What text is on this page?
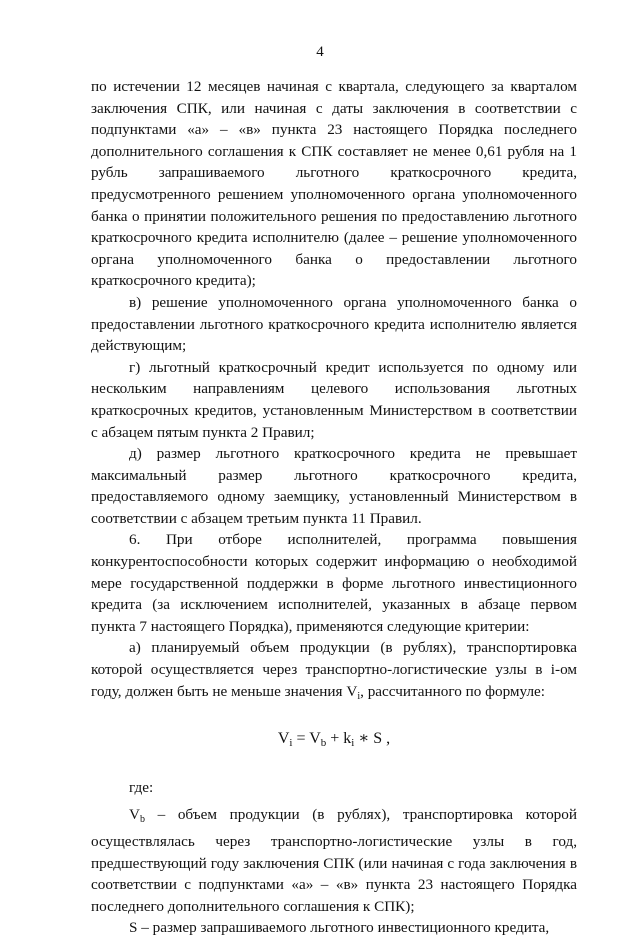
4

по истечении 12 месяцев начиная с квартала, следующего за кварталом заключения СПК, или начиная с даты заключения в соответствии с подпунктами «а» – «в» пункта 23 настоящего Порядка последнего дополнительного соглашения к СПК составляет не менее 0,61 рубля на 1 рубль запрашиваемого льготного краткосрочного кредита, предусмотренного решением уполномоченного органа уполномоченного банка о принятии положительного решения по предоставлению льготного краткосрочного кредита исполнителю (далее – решение уполномоченного органа уполномоченного банка о предоставлении льготного краткосрочного кредита);

в) решение уполномоченного органа уполномоченного банка о предоставлении льготного краткосрочного кредита исполнителю является действующим;

г) льготный краткосрочный кредит используется по одному или нескольким направлениям целевого использования льготных краткосрочных кредитов, установленным Министерством в соответствии с абзацем пятым пункта 2 Правил;

д) размер льготного краткосрочного кредита не превышает максимальный размер льготного краткосрочного кредита, предоставляемого одному заемщику, установленный Министерством в соответствии с абзацем третьим пункта 11 Правил.

6. При отборе исполнителей, программа повышения конкурентоспособности которых содержит информацию о необходимой мере государственной поддержки в форме льготного инвестиционного кредита (за исключением исполнителей, указанных в абзаце первом пункта 7 настоящего Порядка), применяются следующие критерии:

а) планируемый объем продукции (в рублях), транспортировка которой осуществляется через транспортно-логистические узлы в i-ом году, должен быть не меньше значения $V_i$, рассчитанного по формуле:

$V_i = V_b + k_i$ ∗ S ,

где:

$V_b$ – объем продукции (в рублях), транспортировка которой осуществлялась через транспортно-логистические узлы в год, предшествующий году заключения СПК (или начиная с года заключения в соответствии с подпунктами «а» – «в» пункта 23 настоящего Порядка последнего дополнительного соглашения к СПК);

S – размер запрашиваемого льготного инвестиционного кредита,
